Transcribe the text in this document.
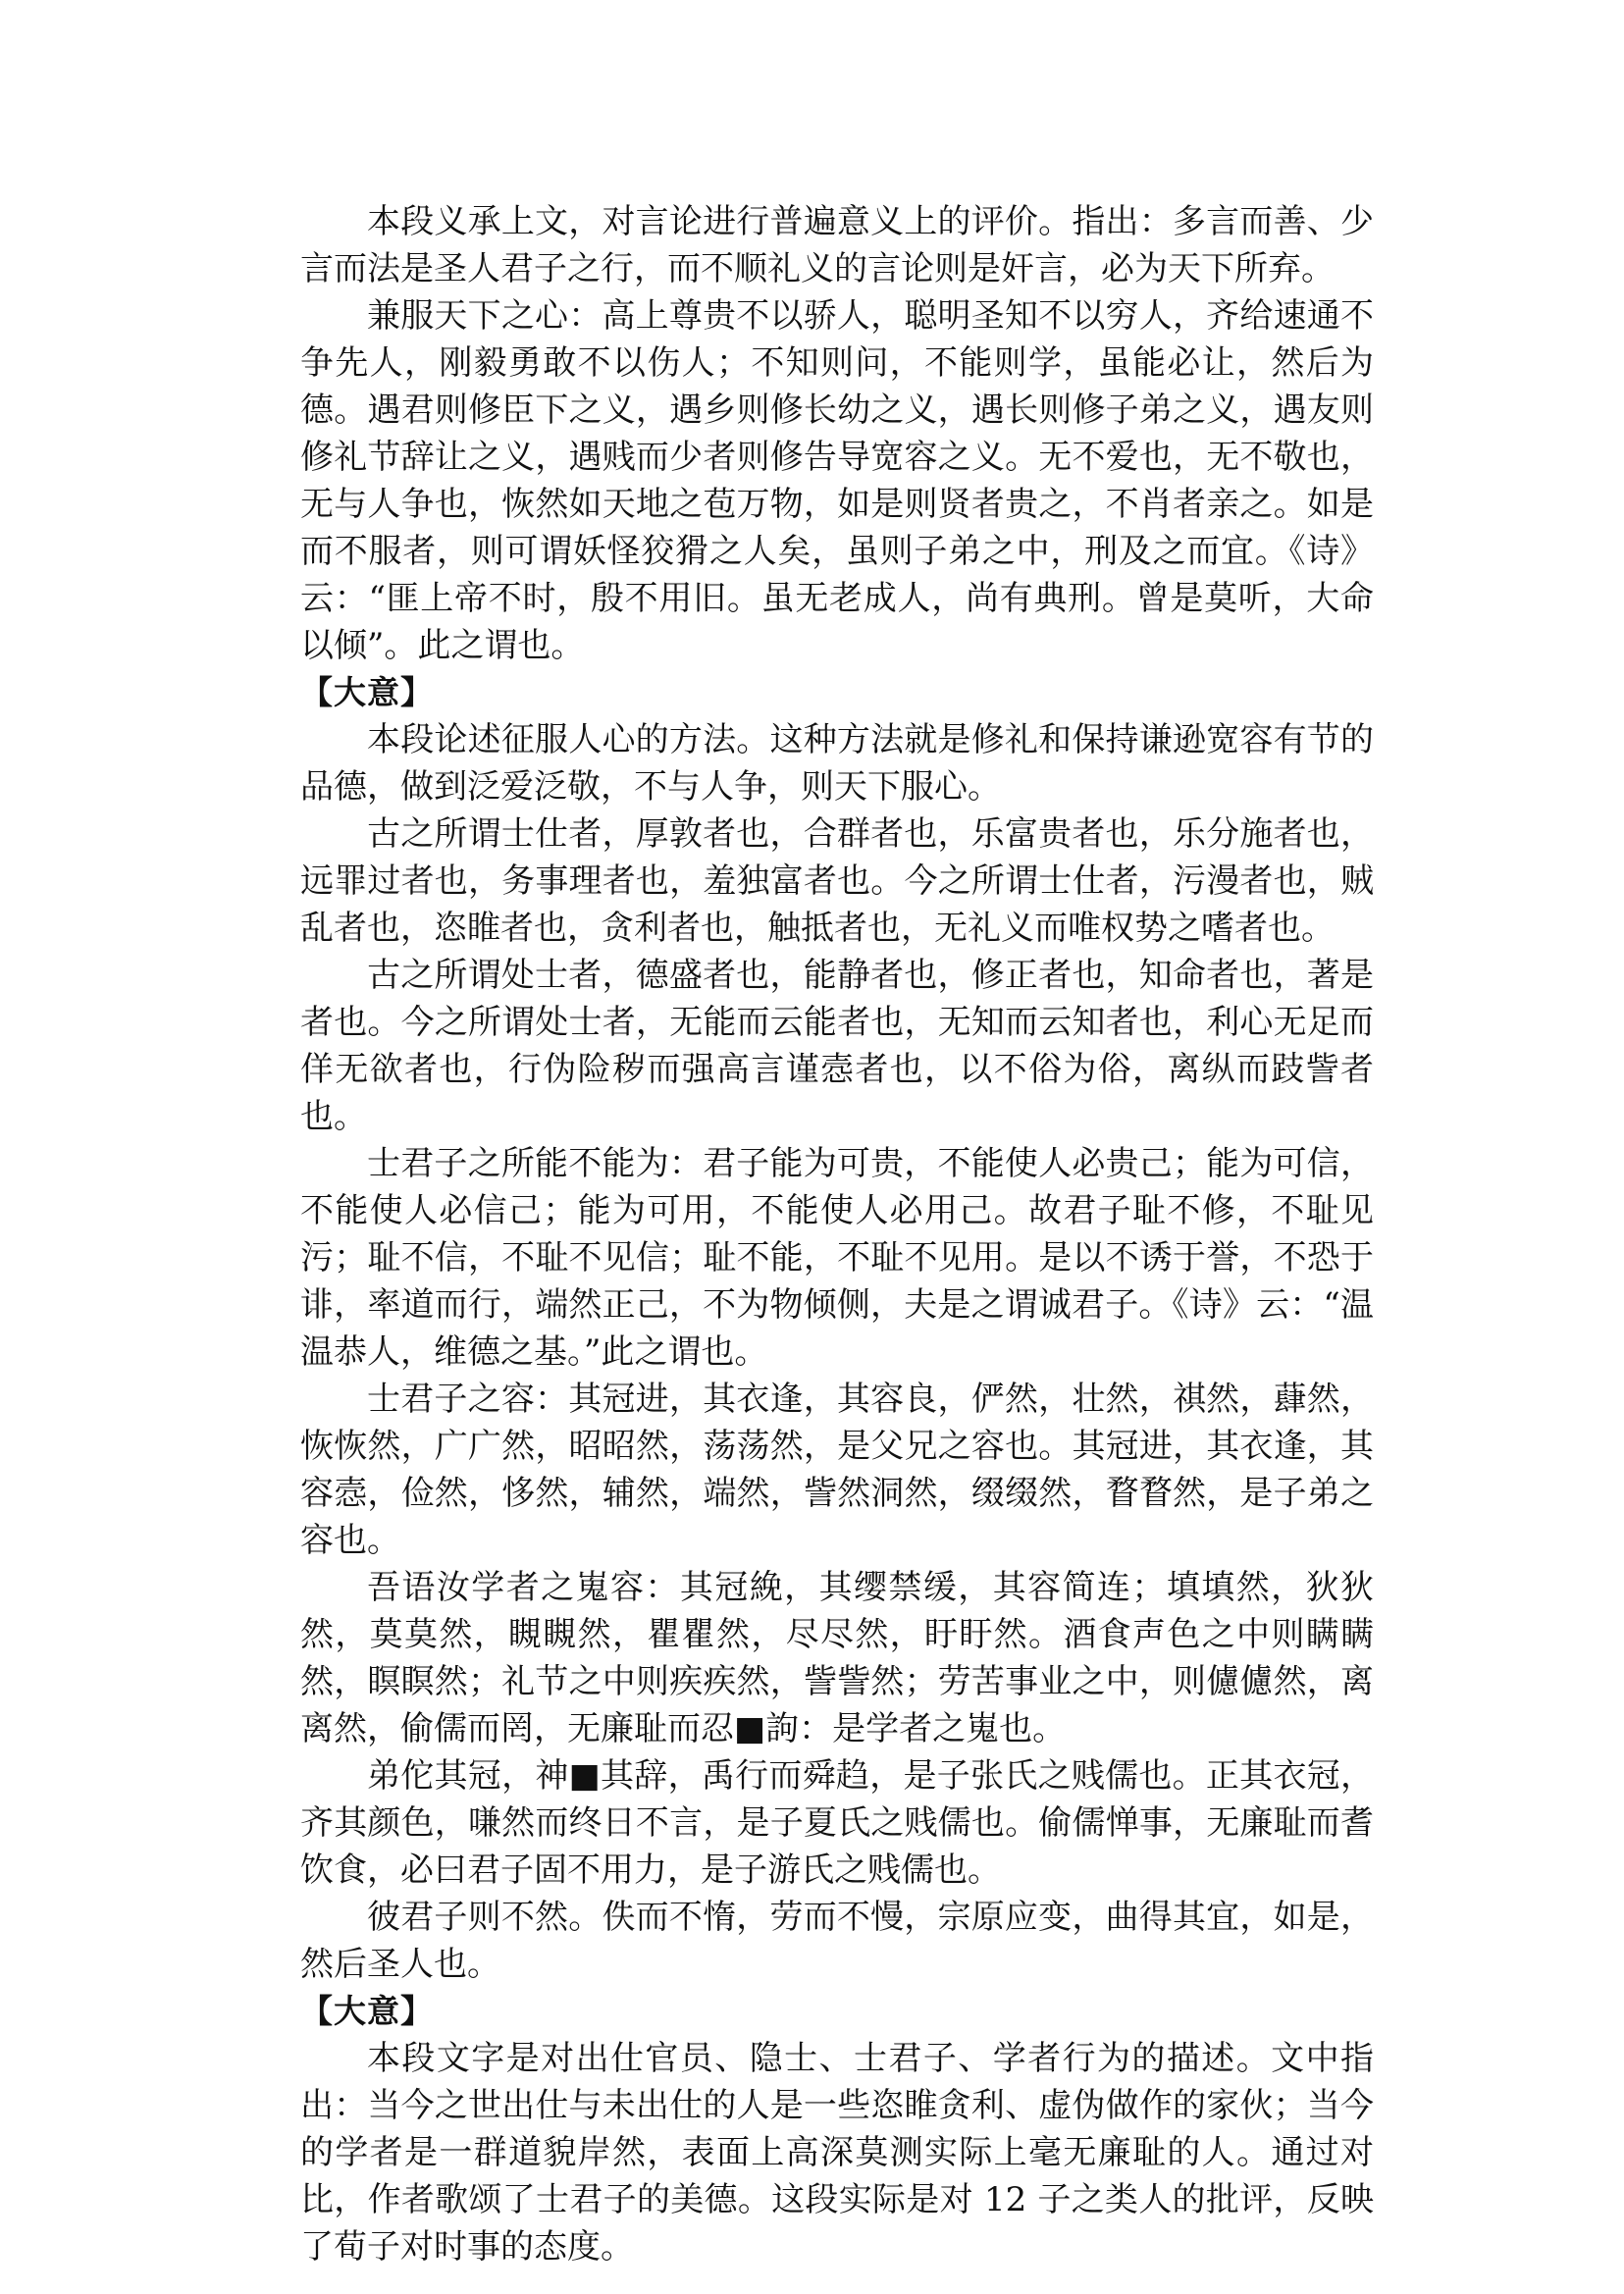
本段义承上文，对言论进行普遍意义上的评价。指出：多言而善、少言而法是圣人君子之行，而不顺礼义的言论则是奸言，必为天下所弃。

兼服天下之心：高上尊贵不以骄人，聪明圣知不以穷人，齐给速通不争先人，刚毅勇敢不以伤人；不知则问，不能则学，虽能必让，然后为德。遇君则修臣下之义，遇乡则修长幼之义，遇长则修子弟之义，遇友则修礼节辞让之义，遇贱而少者则修告导宽容之义。无不爱也，无不敬也，无与人争也，恢然如天地之苞万物，如是则贤者贵之，不肖者亲之。如是而不服者，则可谓妖怪狡猾之人矣，虽则子弟之中，刑及之而宜。《诗》云：“匪上帝不时，殷不用旧。虽无老成人，尚有典刑。曾是莫听，大命以倾”。此之谓也。

【大意】

本段论述征服人心的方法。这种方法就是修礼和保持谦逊宽容有节的品德，做到泛爱泛敬，不与人争，则天下服心。

古之所谓士仕者，厚敦者也，合群者也，乐富贵者也，乐分施者也，远罪过者也，务事理者也，羞独富者也。今之所谓士仕者，污漫者也，贼乱者也，恣睢者也，贪利者也，触抵者也，无礼义而唯权势之嗜者也。

古之所谓处士者，德盛者也，能静者也，修正者也，知命者也，著是者也。今之所谓处士者，无能而云能者也，无知而云知者也，利心无足而佯无欲者也，行伪险秽而强高言谨悫者也，以不俗为俗，离纵而跂訾者也。

士君子之所能不能为：君子能为可贵，不能使人必贵己；能为可信，不能使人必信己；能为可用，不能使人必用己。故君子耻不修，不耻见污；耻不信，不耻不见信；耻不能，不耻不见用。是以不诱于誉，不恐于诽，率道而行，端然正己，不为物倾侧，夫是之谓诚君子。《诗》云：“温温恭人，维德之基。”此之谓也。

士君子之容：其冠进，其衣逢，其容良，俨然，壮然，祺然，蕼然，恢恢然，广广然，昭昭然，荡荡然，是父兄之容也。其冠进，其衣逢，其容悫，俭然，恀然，辅然，端然，訾然洞然，缀缀然，瞀瞀然，是子弟之容也。

吾语汝学者之嵬容：其冠絻，其缨禁缓，其容简连；填填然，狄狄然，莫莫然，瞡瞡然，瞿瞿然，尽尽然，盱盱然。酒食声色之中则瞒瞒然，瞑瞑然；礼节之中则疾疾然，訾訾然；劳苦事业之中，则儢儢然，离离然，偷儒而罔，无廉耻而忍■訽：是学者之嵬也。

弟佗其冠，神■其辞，禹行而舜趋，是子张氏之贱儒也。正其衣冠，齐其颜色，嗛然而终日不言，是子夏氏之贱儒也。偷儒惮事，无廉耻而耆饮食，必曰君子固不用力，是子游氏之贱儒也。

彼君子则不然。佚而不惰，劳而不慢，宗原应变，曲得其宜，如是，然后圣人也。

【大意】

本段文字是对出仕官员、隐士、士君子、学者行为的描述。文中指出：当今之世出仕与未出仕的人是一些恣睢贪利、虚伪做作的家伙；当今的学者是一群道貌岸然，表面上高深莫测实际上毫无廉耻的人。通过对比，作者歌颂了士君子的美德。这段实际是对 12 子之类人的批评，反映了荀子对时事的态度。
